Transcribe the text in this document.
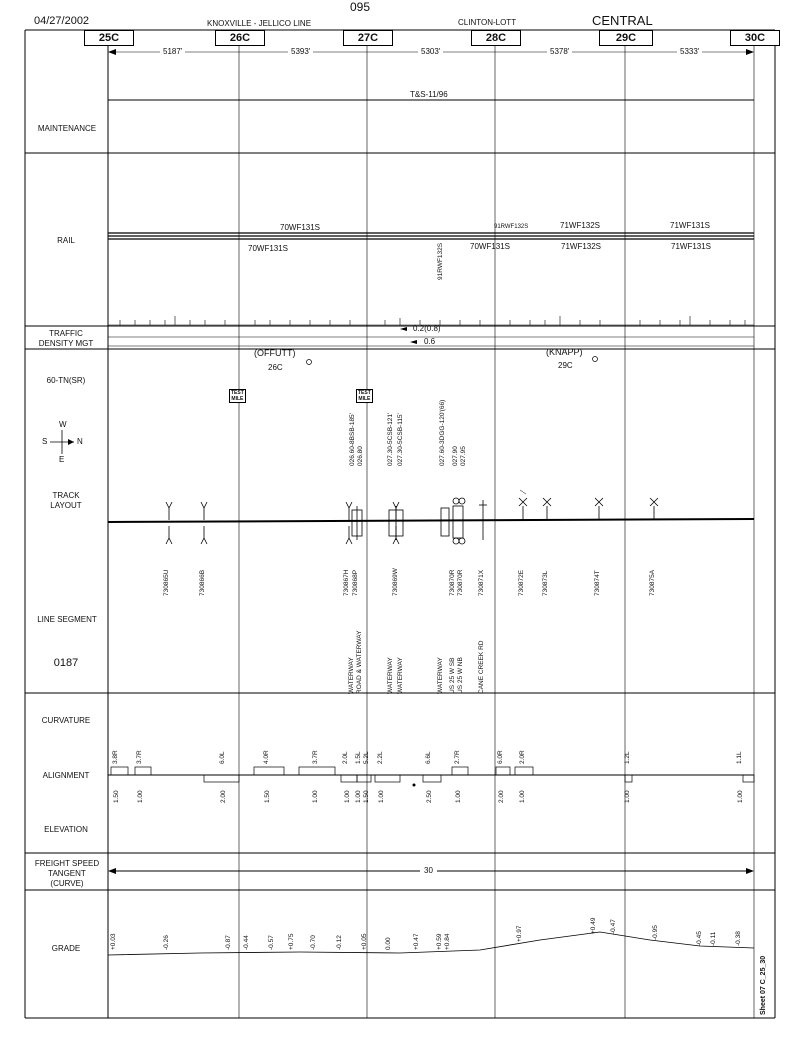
04/27/2002
095
KNOXVILLE - JELLICO LINE	CLINTON-LOTT	CENTRAL
25C	26C	27C	28C	29C	30C
5187'	5393'	5303'	5378'	5333'
MAINTENANCE
RAIL
TRAFFIC
DENSITY MGT
60-TN(SR)
TRACK
LAYOUT
LINE SEGMENT
0187
CURVATURE
ALIGNMENT
ELEVATION
FREIGHT SPEED
TANGENT
(CURVE)
GRADE
T&S-11/96
70WF131S	91RWF132S	71WF132S	71WF131S
70WF131S	70WF131S	71WF132S	71WF131S
91RWF132S
0.2(0.8)
0.6
(OFFUTT)
26C
(KNAPP)
29C
TEST
MILE
TEST
MILE
W
S	N
E	026.60-8BSB-185' 026.80	027.30-5CSB-121' 027.30-5CSB-115'	027.60-3DGG-120'(66) 027.90 027.95
730865U	730866B	730867H 730868P	730869W	730870R 730870R 730871X	730872E	730873L	730874T	730875A
WATERWAY ROAD & WATERWAY	WATERWAY WATERWAY	WATERWAY US 25 W SB US 25 W NB CANE CREEK RD
3.8R	3.7R	6.0L	4.0R	3.7R	2.0L 1.5L 5.2L 2.2L	6.6L	2.7R	6.0R 2.0R	1.2L	1.1L
1.50	1.00	2.00	1.50	1.00	1.00 1.00 1.50 1.00	2.50	1.00	2.00 1.00	1.00	1.00
30
+0.03	-0.26	-0.87 -0.44	-0.57 +0.75 -0.70	-0.12	+0.05	0.00	+0.47 +0.59 +0.84	+0.97	+0.49 -0.47	-0.95	-0.45 -0.11	-0.38
Sheet 07 C_25_30
